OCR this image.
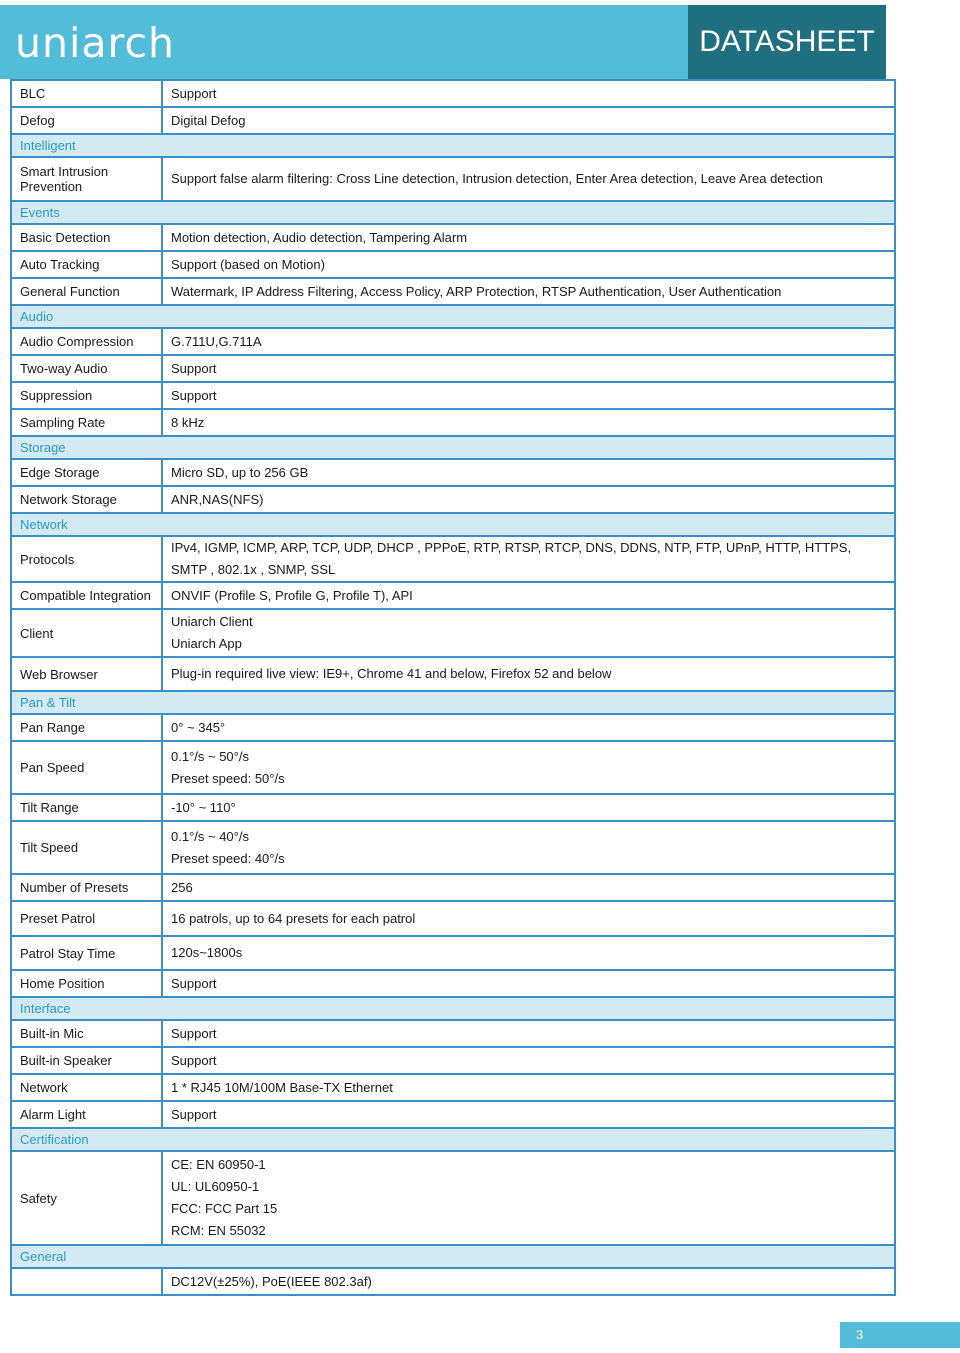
uniarch	DATASHEET
BLC	Support

Defog	Digital Defog

Intelligent	
Smart Intrusion Prevention	Support false alarm filtering: Cross Line detection, Intrusion detection, Enter Area detection, Leave Area detection

Events	
Basic Detection	Motion detection, Audio detection, Tampering Alarm

Auto Tracking	Support (based on Motion)

General Function	Watermark, IP Address Filtering, Access Policy, ARP Protection, RTSP Authentication, User Authentication

Audio	
Audio Compression	G.711U,G.711A

Two-way Audio	Support

Suppression	Support

Sampling Rate	8 kHz

Storage	
Edge Storage	Micro SD, up to 256 GB

Network Storage	ANR,NAS(NFS)

Network	
Protocols	IPv4, IGMP, ICMP, ARP, TCP, UDP, DHCP , PPPoE, RTP, RTSP, RTCP, DNS, DDNS, NTP, FTP, UPnP, HTTP, HTTPS, SMTP , 802.1x , SNMP, SSL

Compatible Integration	ONVIF (Profile S, Profile G, Profile T), API

Client	Uniarch Client
Uniarch App

Web Browser	Plug-in required live view: IE9+, Chrome 41 and below, Firefox 52 and below

Pan & Tilt	
Pan Range	0° ~ 345°

Pan Speed	0.1°/s ~ 50°/s
Preset speed: 50°/s

Tilt Range	-10° ~ 110°

Tilt Speed	0.1°/s ~ 40°/s
Preset speed: 40°/s

Number of Presets	256

Preset Patrol	16 patrols, up to 64 presets for each patrol

Patrol Stay Time	120s~1800s

Home Position	Support

Interface	
Built-in Mic	Support

Built-in Speaker	Support

Network	1 * RJ45 10M/100M Base-TX Ethernet

Alarm Light	Support

Certification	
Safety	CE: EN 60950-1
UL: UL60950-1
FCC: FCC Part 15
RCM: EN 55032

General	

	DC12V(±25%), PoE(IEEE 802.3af)
3
